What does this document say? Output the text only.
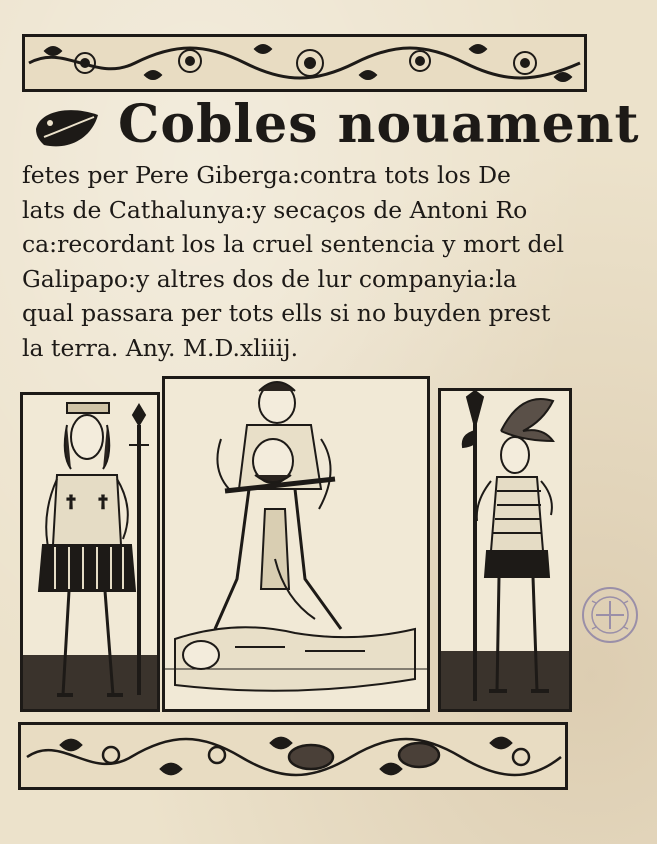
Cobles nouament
fetes per Pere Giberga:contra tots los De
lats de Cathalunya:y secaços de Antoni Ro
ca:recordant los la cruel sentencia y mort del
Galipapo:y altres dos de lur companyia:la
qual passara per tots ells si no buyden prest
la terra. Any. M.D.xliiij.
† †
